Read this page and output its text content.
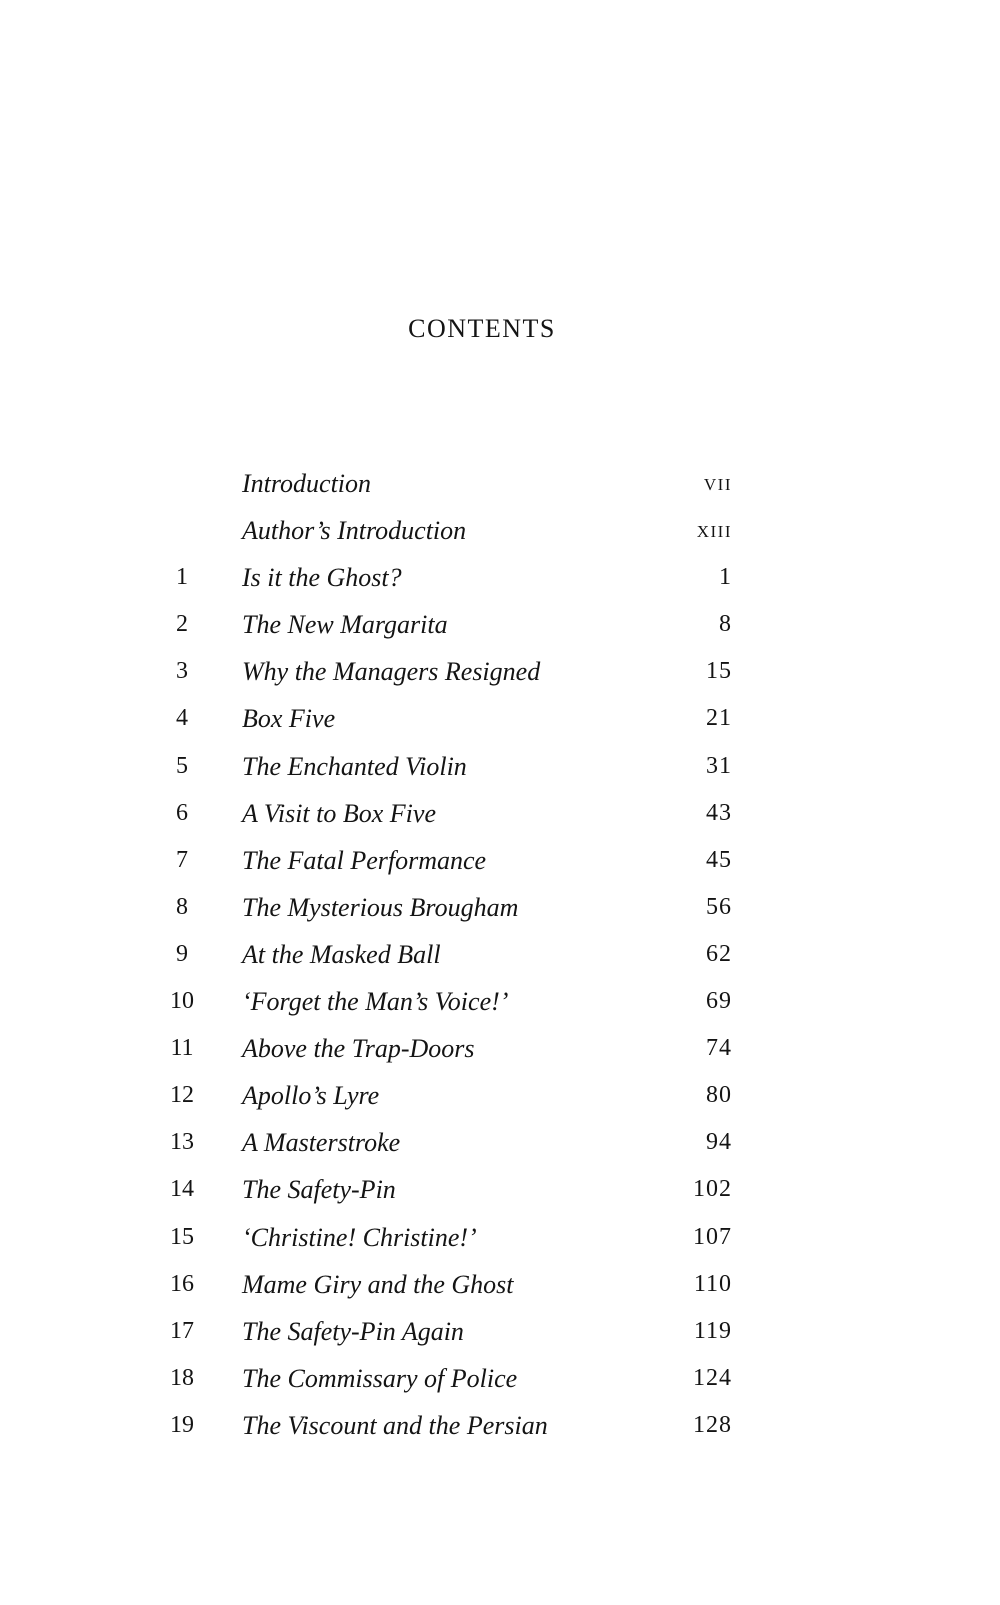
CONTENTS
Introduction	vii
Author’s Introduction	xiii
1	Is it the Ghost?	1
2	The New Margarita	8
3	Why the Managers Resigned	15
4	Box Five	21
5	The Enchanted Violin	31
6	A Visit to Box Five	43
7	The Fatal Performance	45
8	The Mysterious Brougham	56
9	At the Masked Ball	62
10	‘Forget the Man’s Voice!’	69
11	Above the Trap-Doors	74
12	Apollo’s Lyre	80
13	A Masterstroke	94
14	The Safety-Pin	102
15	‘Christine! Christine!’	107
16	Mame Giry and the Ghost	110
17	The Safety-Pin Again	119
18	The Commissary of Police	124
19	The Viscount and the Persian	128
